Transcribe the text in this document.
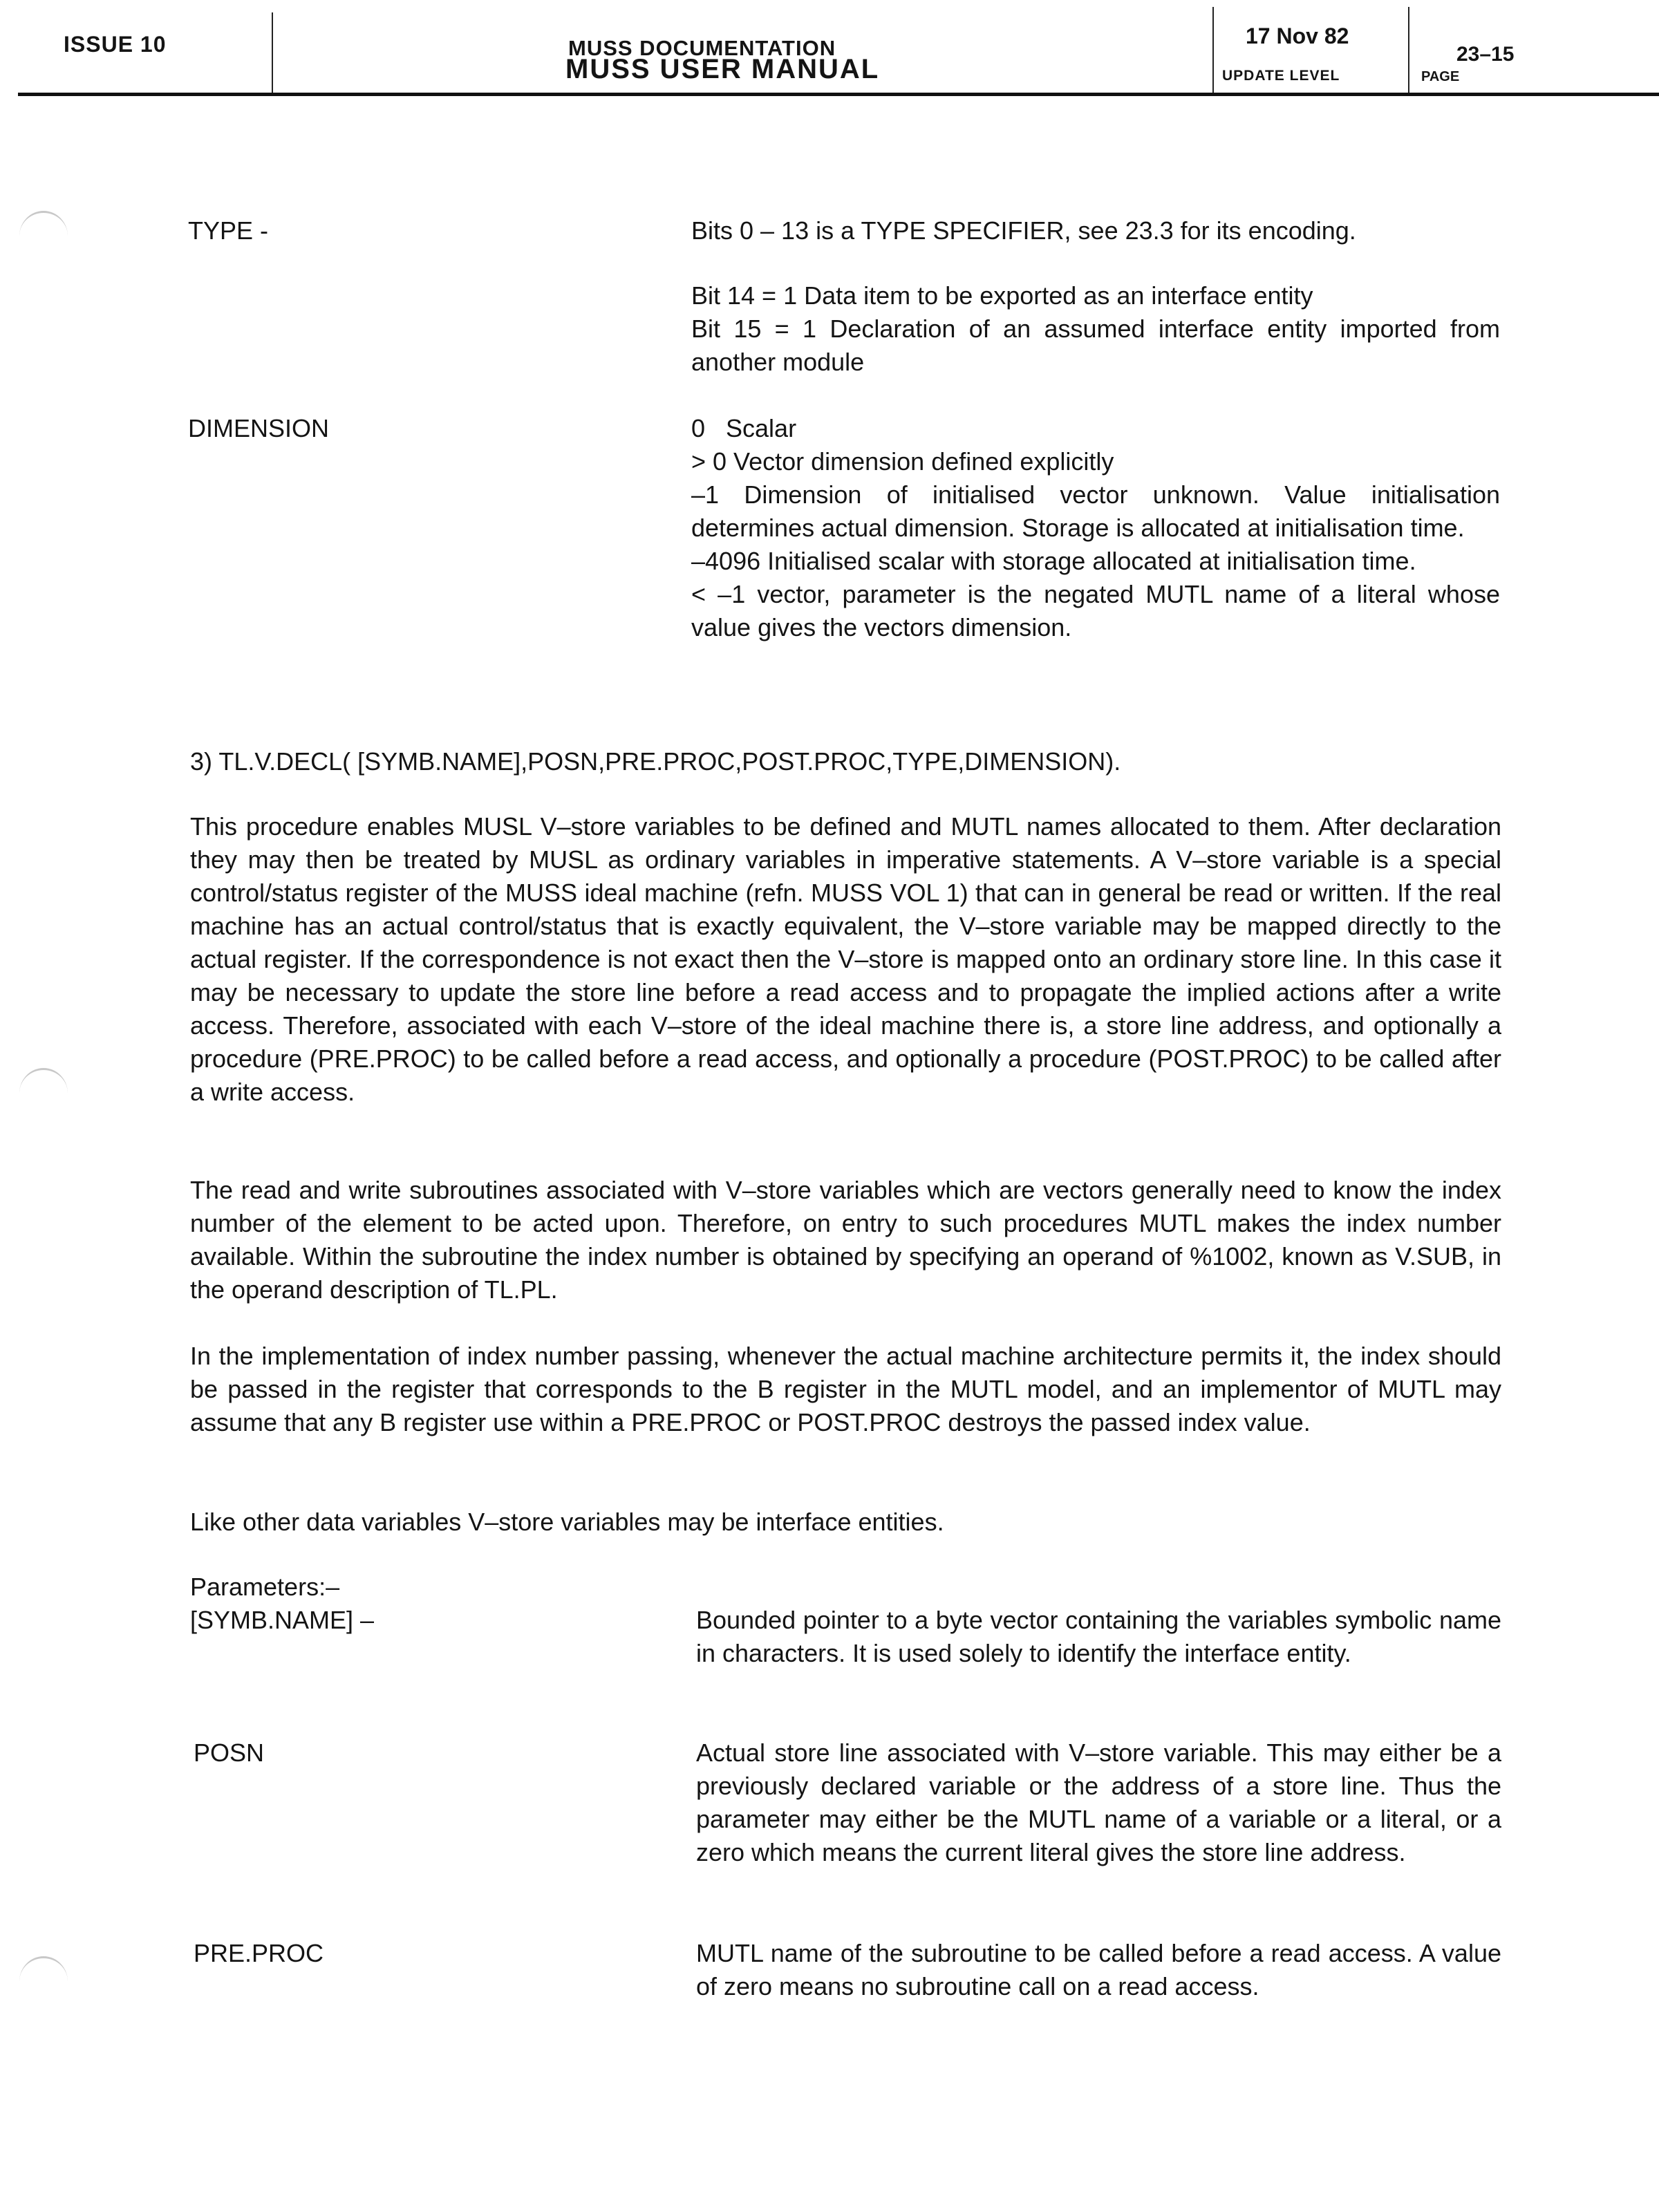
ISSUE 10	MUSS DOCUMENTATION
MUSS USER MANUAL
17 Nov 82
UPDATE LEVEL
23–15
PAGE
TYPE -	Bits 0 – 13 is a TYPE SPECIFIER, see 23.3 for its encoding.
Bit 14 = 1 Data item to be exported as an interface entity
Bit 15 = 1 Declaration of an assumed interface entity imported from another module
DIMENSION	0   Scalar
> 0 Vector dimension defined explicitly
–1 Dimension of initialised vector unknown. Value initialisation determines actual dimension. Storage is allocated at initialisation time.
–4096 Initialised scalar with storage allocated at initialisation time.
< –1 vector, parameter is the negated MUTL name of a literal whose value gives the vectors dimension.
3) TL.V.DECL( [SYMB.NAME],POSN,PRE.PROC,POST.PROC,TYPE,DIMENSION).
This procedure enables MUSL V–store variables to be defined and MUTL names allocated to them. After declaration they may then be treated by MUSL as ordinary variables in imperative statements. A V–store variable is a special control/status register of the MUSS ideal machine (refn. MUSS VOL 1) that can in general be read or written. If the real machine has an actual control/status that is exactly equivalent, the V–store variable may be mapped directly to the actual register. If the correspondence is not exact then the V–store is mapped onto an ordinary store line. In this case it may be necessary to update the store line before a read access and to propagate the implied actions after a write access. Therefore, associated with each V–store of the ideal machine there is, a store line address, and optionally a procedure (PRE.PROC) to be called before a read access, and optionally a procedure (POST.PROC) to be called after a write access.
The read and write subroutines associated with V–store variables which are vectors generally need to know the index number of the element to be acted upon. Therefore, on entry to such procedures MUTL makes the index number available. Within the subroutine the index number is obtained by specifying an operand of %1002, known as V.SUB, in the operand description of TL.PL.
In the implementation of index number passing, whenever the actual machine architecture permits it, the index should be passed in the register that corresponds to the B register in the MUTL model, and an implementor of MUTL may assume that any B register use within a PRE.PROC or POST.PROC destroys the passed index value.
Like other data variables V–store variables may be interface entities.
Parameters:–
[SYMB.NAME] –	Bounded pointer to a byte vector containing the variables symbolic name in characters. It is used solely to identify the interface entity.
POSN	Actual store line associated with V–store variable. This may either be a previously declared variable or the address of a store line. Thus the parameter may either be the MUTL name of a variable or a literal, or a zero which means the current literal gives the store line address.
PRE.PROC	MUTL name of the subroutine to be called before a read access. A value of zero means no subroutine call on a read access.
